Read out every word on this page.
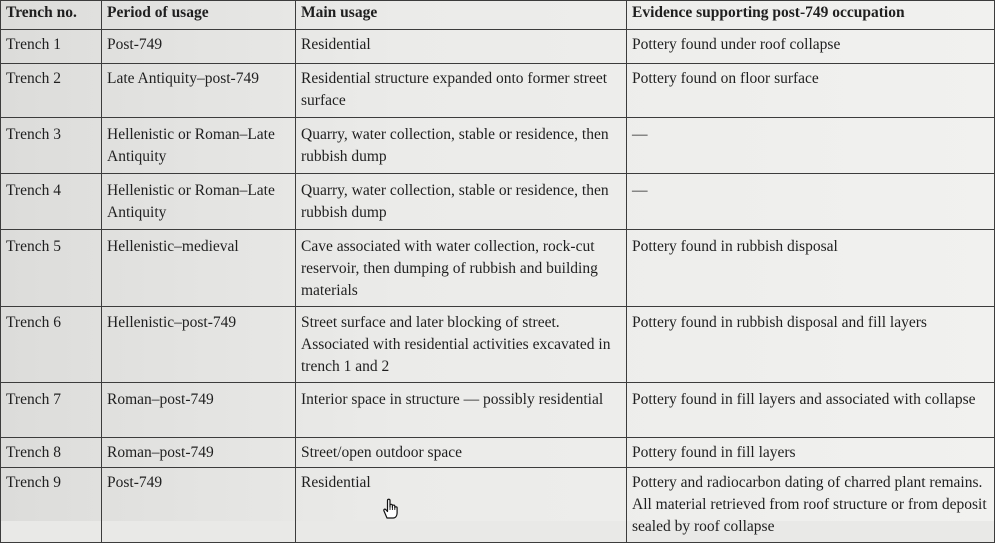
Trench no.	Period of usage	Main usage	Evidence supporting post-749 occupation
Trench 1	Post-749	Residential	Pottery found under roof collapse
Trench 2	Late Antiquity–post-749	Residential structure expanded onto former street surface	Pottery found on floor surface
Trench 3	Hellenistic or Roman–Late Antiquity	Quarry, water collection, stable or residence, then rubbish dump	—
Trench 4	Hellenistic or Roman–Late Antiquity	Quarry, water collection, stable or residence, then rubbish dump	—
Trench 5	Hellenistic–medieval	Cave associated with water collection, rock-cut reservoir, then dumping of rubbish and building materials	Pottery found in rubbish disposal
Trench 6	Hellenistic–post-749	Street surface and later blocking of street. Associated with residential activities excavated in trench 1 and 2	Pottery found in rubbish disposal and fill layers
Trench 7	Roman–post-749	Interior space in structure — possibly residential	Pottery found in fill layers and associated with collapse
Trench 8	Roman–post-749	Street/open outdoor space	Pottery found in fill layers
Trench 9	Post-749	Residential	Pottery and radiocarbon dating of charred plant remains. All material retrieved from roof structure or from deposit sealed by roof collapse
